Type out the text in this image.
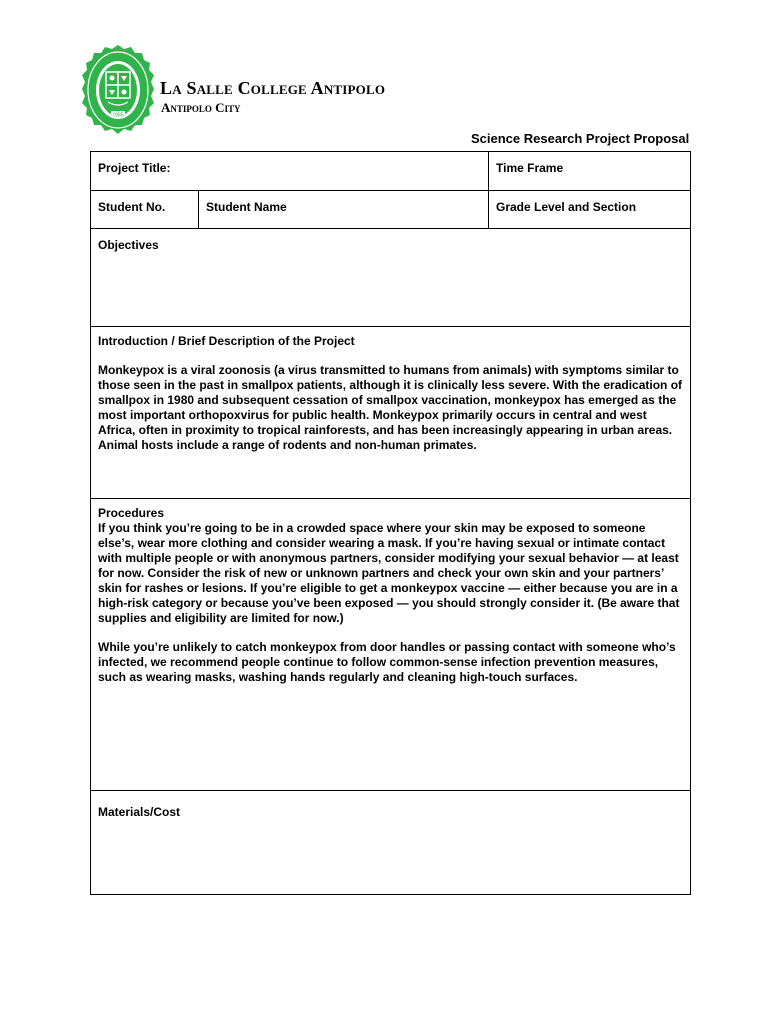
1985
La Salle College Antipolo
Antipolo City
Science Research Project Proposal
Project Title:	Time Frame
Student No.	Student Name	Grade Level and Section
Objectives
Introduction / Brief Description of the Project
Monkeypox is a viral zoonosis (a virus transmitted to humans from animals) with symptoms similar to those seen in the past in smallpox patients, although it is clinically less severe. With the eradication of smallpox in 1980 and subsequent cessation of smallpox vaccination, monkeypox has emerged as the most important orthopoxvirus for public health. Monkeypox primarily occurs in central and west Africa, often in proximity to tropical rainforests, and has been increasingly appearing in urban areas. Animal hosts include a range of rodents and non-human primates.
Procedures
If you think you’re going to be in a crowded space where your skin may be exposed to someone else’s, wear more clothing and consider wearing a mask. If you’re having sexual or intimate contact with multiple people or with anonymous partners, consider modifying your sexual behavior — at least for now. Consider the risk of new or unknown partners and check your own skin and your partners’ skin for rashes or lesions. If you’re eligible to get a monkeypox vaccine — either because you are in a high-risk category or because you’ve been exposed — you should strongly consider it. (Be aware that supplies and eligibility are limited for now.)
While you’re unlikely to catch monkeypox from door handles or passing contact with someone who’s infected, we recommend people continue to follow common-sense infection prevention measures, such as wearing masks, washing hands regularly and cleaning high-touch surfaces.
Materials/Cost
